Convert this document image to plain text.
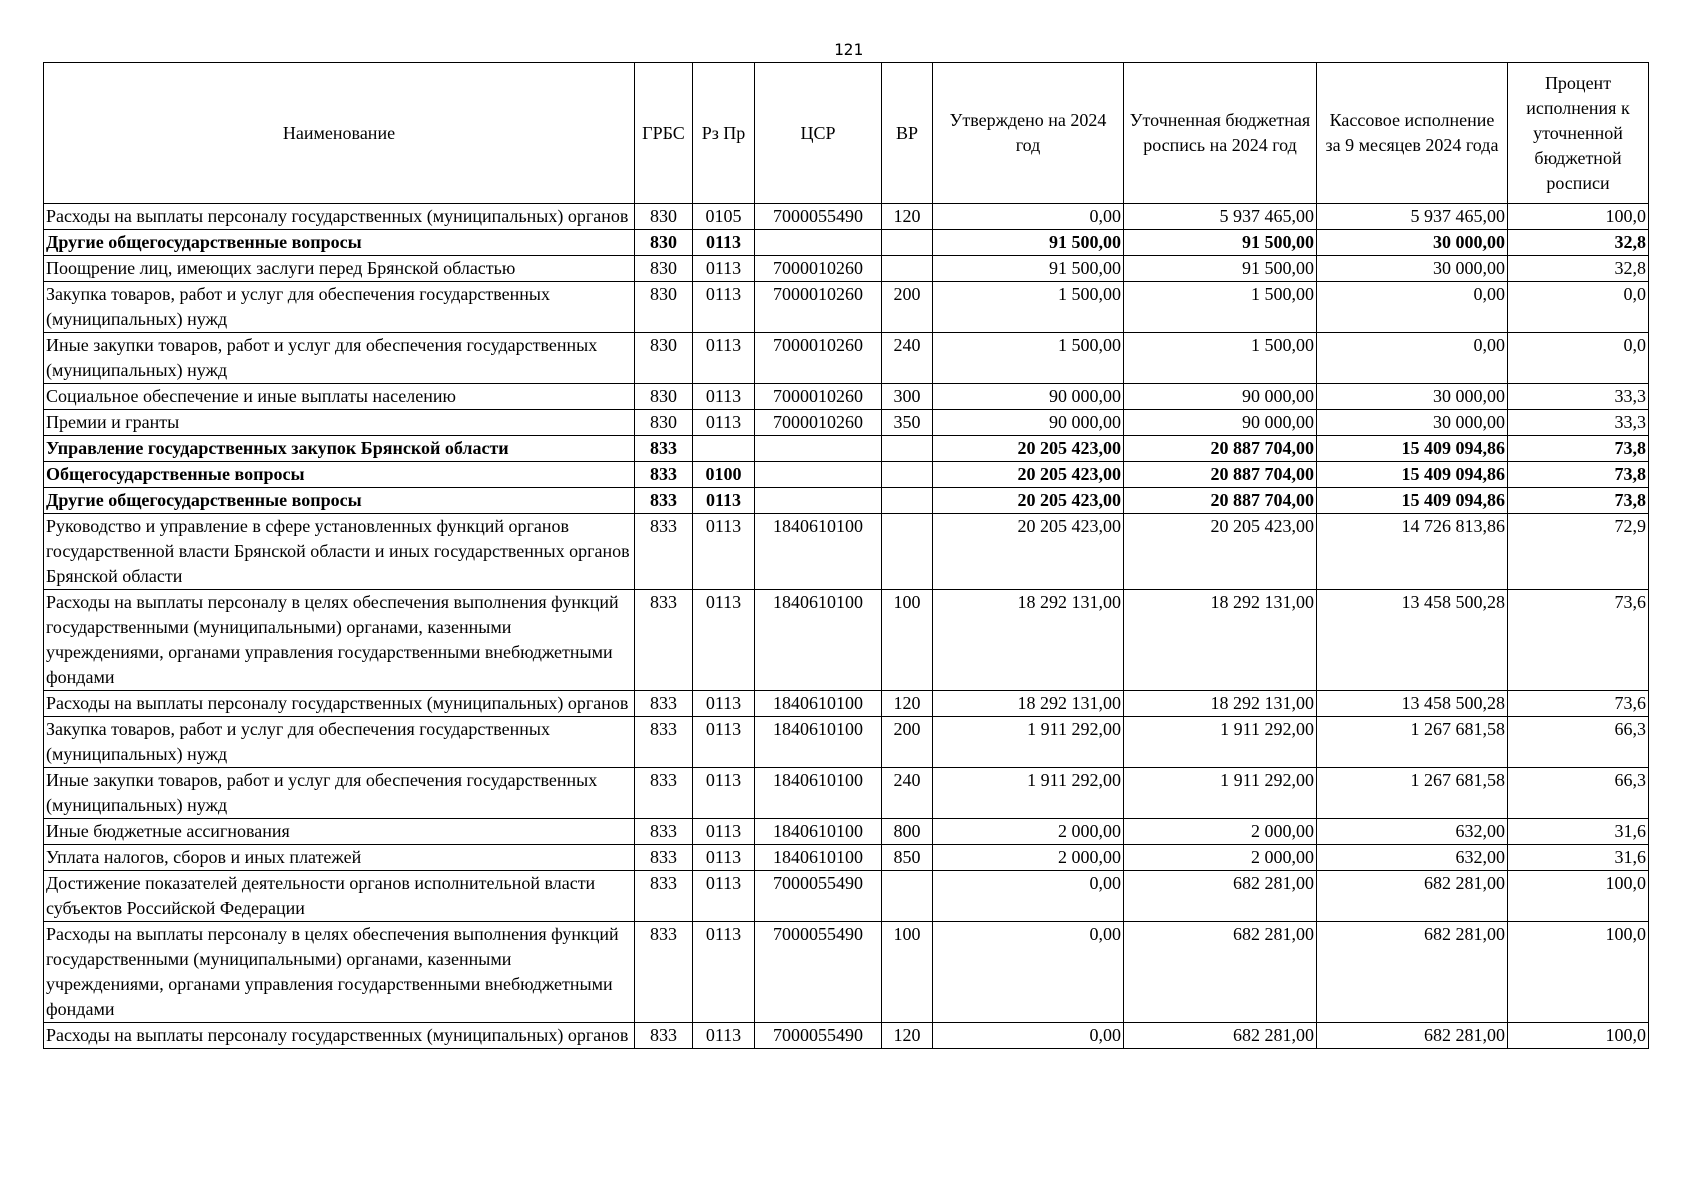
121
Наименование	ГРБС	Рз Пр	ЦСР	ВР	Утверждено на 2024 год	Уточненная бюджетная роспись на 2024 год	Кассовое исполнение за 9 месяцев 2024 года	Процент исполнения к уточненной бюджетной росписи
Расходы на выплаты персоналу государственных (муниципальных) органов	830	0105	7000055490	120	0,00	5 937 465,00	5 937 465,00	100,0
Другие общегосударственные вопросы	830	0113			91 500,00	91 500,00	30 000,00	32,8
Поощрение лиц, имеющих заслуги перед Брянской областью	830	0113	7000010260		91 500,00	91 500,00	30 000,00	32,8
Закупка товаров, работ и услуг для обеспечения государственных (муниципальных) нужд	830	0113	7000010260	200	1 500,00	1 500,00	0,00	0,0
Иные закупки товаров, работ и услуг для обеспечения государственных (муниципальных) нужд	830	0113	7000010260	240	1 500,00	1 500,00	0,00	0,0
Социальное обеспечение и иные выплаты населению	830	0113	7000010260	300	90 000,00	90 000,00	30 000,00	33,3
Премии и гранты	830	0113	7000010260	350	90 000,00	90 000,00	30 000,00	33,3
Управление государственных закупок Брянской области	833				20 205 423,00	20 887 704,00	15 409 094,86	73,8
Общегосударственные вопросы	833	0100			20 205 423,00	20 887 704,00	15 409 094,86	73,8
Другие общегосударственные вопросы	833	0113			20 205 423,00	20 887 704,00	15 409 094,86	73,8
Руководство и управление в сфере установленных функций органов государственной власти Брянской области и иных государственных органов Брянской области	833	0113	1840610100		20 205 423,00	20 205 423,00	14 726 813,86	72,9
Расходы на выплаты персоналу в целях обеспечения выполнения функций государственными (муниципальными) органами, казенными учреждениями, органами управления государственными внебюджетными фондами	833	0113	1840610100	100	18 292 131,00	18 292 131,00	13 458 500,28	73,6
Расходы на выплаты персоналу государственных (муниципальных) органов	833	0113	1840610100	120	18 292 131,00	18 292 131,00	13 458 500,28	73,6
Закупка товаров, работ и услуг для обеспечения государственных (муниципальных) нужд	833	0113	1840610100	200	1 911 292,00	1 911 292,00	1 267 681,58	66,3
Иные закупки товаров, работ и услуг для обеспечения государственных (муниципальных) нужд	833	0113	1840610100	240	1 911 292,00	1 911 292,00	1 267 681,58	66,3
Иные бюджетные ассигнования	833	0113	1840610100	800	2 000,00	2 000,00	632,00	31,6
Уплата налогов, сборов и иных платежей	833	0113	1840610100	850	2 000,00	2 000,00	632,00	31,6
Достижение показателей деятельности органов исполнительной власти субъектов Российской Федерации	833	0113	7000055490		0,00	682 281,00	682 281,00	100,0
Расходы на выплаты персоналу в целях обеспечения выполнения функций государственными (муниципальными) органами, казенными учреждениями, органами управления государственными внебюджетными фондами	833	0113	7000055490	100	0,00	682 281,00	682 281,00	100,0
Расходы на выплаты персоналу государственных (муниципальных) органов	833	0113	7000055490	120	0,00	682 281,00	682 281,00	100,0
